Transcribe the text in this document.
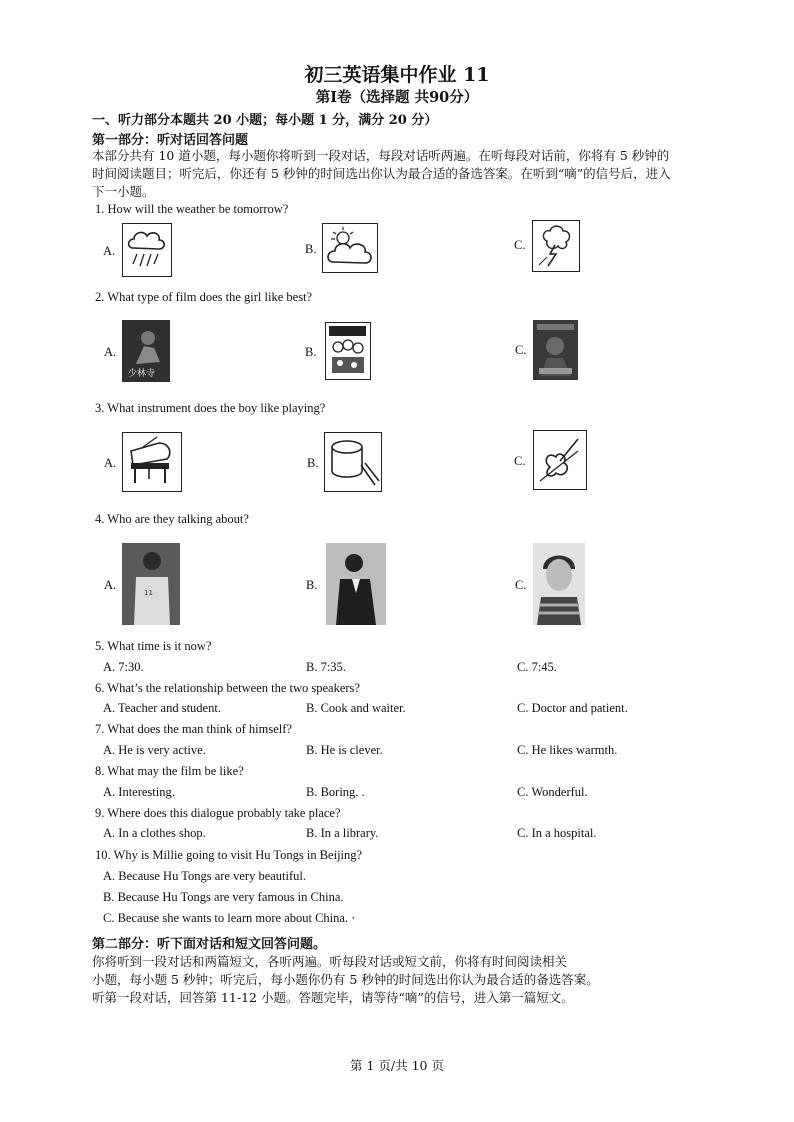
初三英语集中作业 11
第Ⅰ卷（选择题 共90分）
一、听力部分本题共 20 小题；每小题 1 分，满分 20 分）
第一部分：听对话回答问题
本部分共有 10 道小题，每小题你将听到一段对话，每段对话听两遍。在听每段对话前，你将有 5 秒钟的
时间阅读题目；听完后，你还有 5 秒钟的时间选出你认为最合适的备选答案。在听到“嘀”的信号后，进入
下一小题。
1. How will the weather be tomorrow?
A.	B.	C.
2. What type of film does the girl like best?
A.
少林寺
B.	C.
3. What instrument does the boy like playing?
A.	B.	C.
4. Who are they talking about?
A.
11
B.	C.
5. What time is it now?
A. 7:30.	B. 7:35.	C. 7:45.
6. What’s the relationship between the two speakers?
A. Teacher and student.	B. Cook and waiter.	C. Doctor and patient.
7. What does the man think of himself?
A. He is very active.	B. He is clever.	C. He likes warmth.
8. What may the film be like?
A. Interesting.	B. Boring. .	C. Wonderful.
9. Where does this dialogue probably take place?
A. In a clothes shop.	B. In a library.	C. In a hospital.
10. Why is Millie going to visit Hu Tongs in Beijing?
A. Because Hu Tongs are very beautiful.
B. Because Hu Tongs are very famous in China.
C. Because she wants to learn more about China. ·
第二部分：听下面对话和短文回答问题。
你将听到一段对话和两篇短文，各听两遍。听每段对话或短文前，你将有时间阅读相关
小题，每小题 5 秒钟；听完后，每小题你仍有 5 秒钟的时间选出你认为最合适的备选答案。
听第一段对话，回答第 11-12 小题。答题完毕，请等待“嘀”的信号，进入第一篇短文。
第 1 页/共 10 页
